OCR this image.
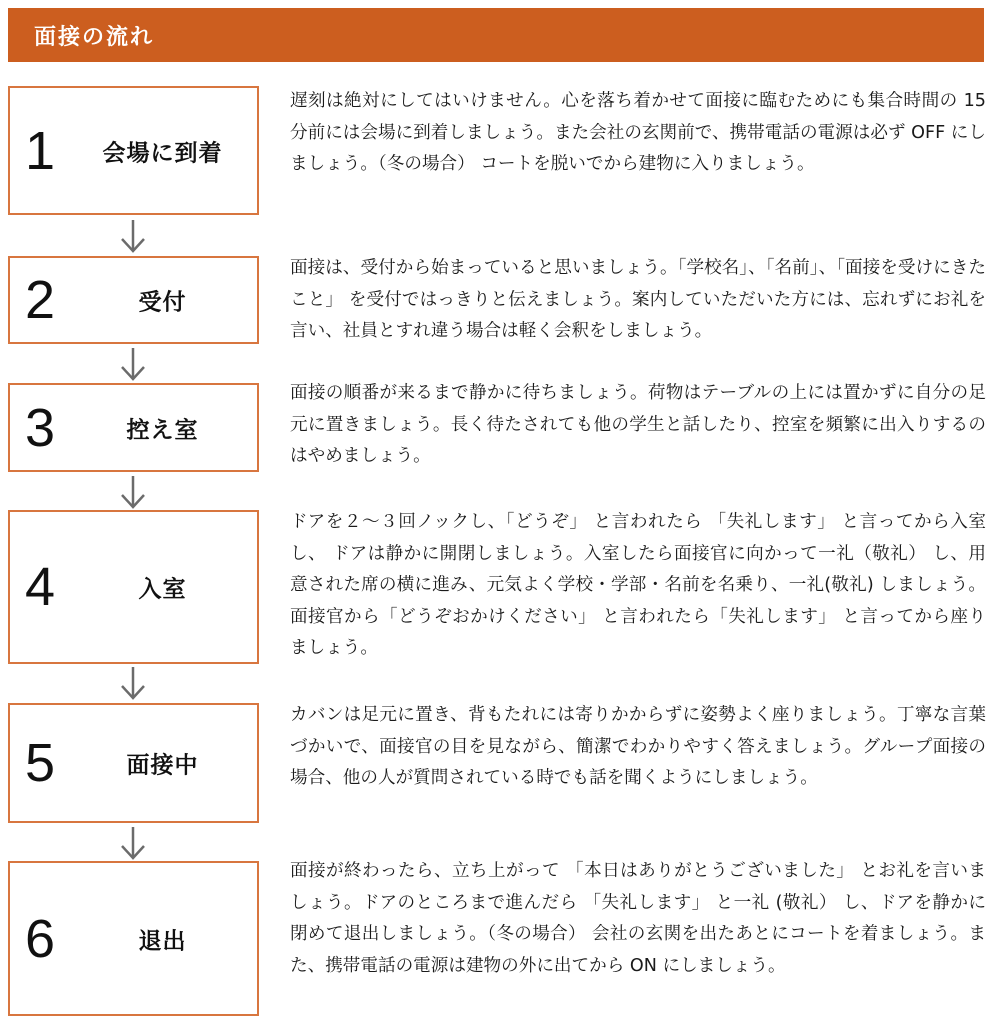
面接の流れ
1	会場に到着

遅刻は絶対にしてはいけません。心を落ち着かせて面接に臨むためにも集合時間の 15 分前には会場に到着しましょう。また会社の玄関前で、携帯電話の電源は必ず OFF にしましょう。（冬の場合） コートを脱いでから建物に入りましょう。

2	受付

面接は、受付から始まっていると思いましょう。「学校名」、「名前」、「面接を受けにきたこと」 を受付ではっきりと伝えましょう。案内していただいた方には、忘れずにお礼を言い、社員とすれ違う場合は軽く会釈をしましょう。

3	控え室

面接の順番が来るまで静かに待ちましょう。荷物はテーブルの上には置かずに自分の足元に置きましょう。長く待たされても他の学生と話したり、控室を頻繁に出入りするのはやめましょう。

4	入室

ドアを２～３回ノックし、「どうぞ」 と言われたら 「失礼します」 と言ってから入室し、 ドアは静かに開閉しましょう。入室したら面接官に向かって一礼（敬礼） し、用意された席の横に進み、元気よく学校・学部・名前を名乗り、一礼(敬礼) しましょう。面接官から「どうぞおかけください」 と言われたら「失礼します」 と言ってから座りましょう。

5	面接中

カバンは足元に置き、背もたれには寄りかからずに姿勢よく座りましょう。丁寧な言葉づかいで、面接官の目を見ながら、簡潔でわかりやすく答えましょう。グループ面接の場合、他の人が質問されている時でも話を聞くようにしましょう。

6	退出

面接が終わったら、立ち上がって 「本日はありがとうございました」 とお礼を言いましょう。ドアのところまで進んだら 「失礼します」 と一礼 (敬礼） し、ドアを静かに閉めて退出しましょう。（冬の場合） 会社の玄関を出たあとにコートを着ましょう。また、携帯電話の電源は建物の外に出てから ON にしましょう。
